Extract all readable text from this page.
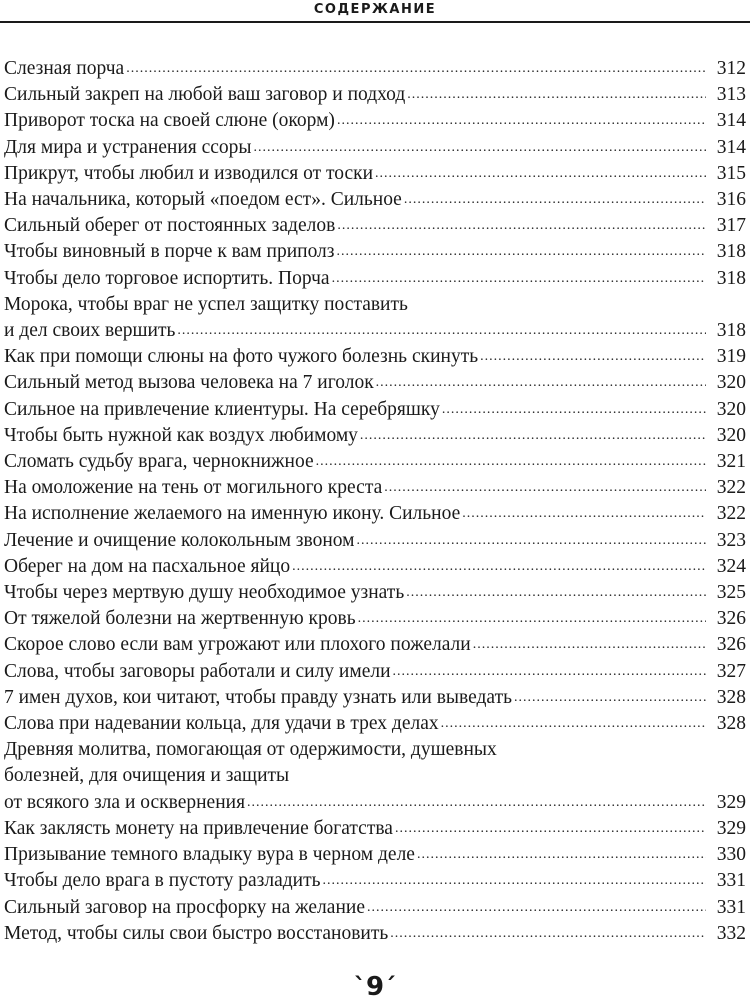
СОДЕРЖАНИЕ
Слезная порча .....	312
Сильный закреп на любой ваш заговор и подход .....	313
Приворот тоска на своей слюне (окорм) .....	314
Для мира и устранения ссоры .....	314
Прикрут, чтобы любил и изводился от тоски .....	315
На начальника, который «поедом ест». Сильное .....	316
Сильный оберег от постоянных заделов .....	317
Чтобы виновный в порче к вам приполз .....	318
Чтобы дело торговое испортить. Порча .....	318
Морока, чтобы враг не успел защитку поставить
и дел своих вершить .....	318
Как при помощи слюны на фото чужого болезнь скинуть .....	319
Сильный метод вызова человека на 7 иголок .....	320
Сильное на привлечение клиентуры. На серебряшку .....	320
Чтобы быть нужной как воздух любимому .....	320
Сломать судьбу врага, чернокнижное .....	321
На омоложение на тень от могильного креста .....	322
На исполнение желаемого на именную икону. Сильное .....	322
Лечение и очищение колокольным звоном .....	323
Оберег на дом на пасхальное яйцо .....	324
Чтобы через мертвую душу необходимое узнать .....	325
От тяжелой болезни на жертвенную кровь .....	326
Скорое слово если вам угрожают или плохого пожелали .....	326
Слова, чтобы заговоры работали и силу имели .....	327
7 имен духов, кои читают, чтобы правду узнать или выведать .....	328
Слова при надевании кольца, для удачи в трех делах .....	328
Древняя молитва, помогающая от одержимости, душевных
болезней, для очищения и защиты
от всякого зла и осквернения .....	329
Как заклясть монету на привлечение богатства .....	329
Призывание темного владыку вура в черном деле .....	330
Чтобы дело врага в пустоту разладить .....	331
Сильный заговор на просфорку на желание .....	331
Метод, чтобы силы свои быстро восстановить .....	332
`9´
